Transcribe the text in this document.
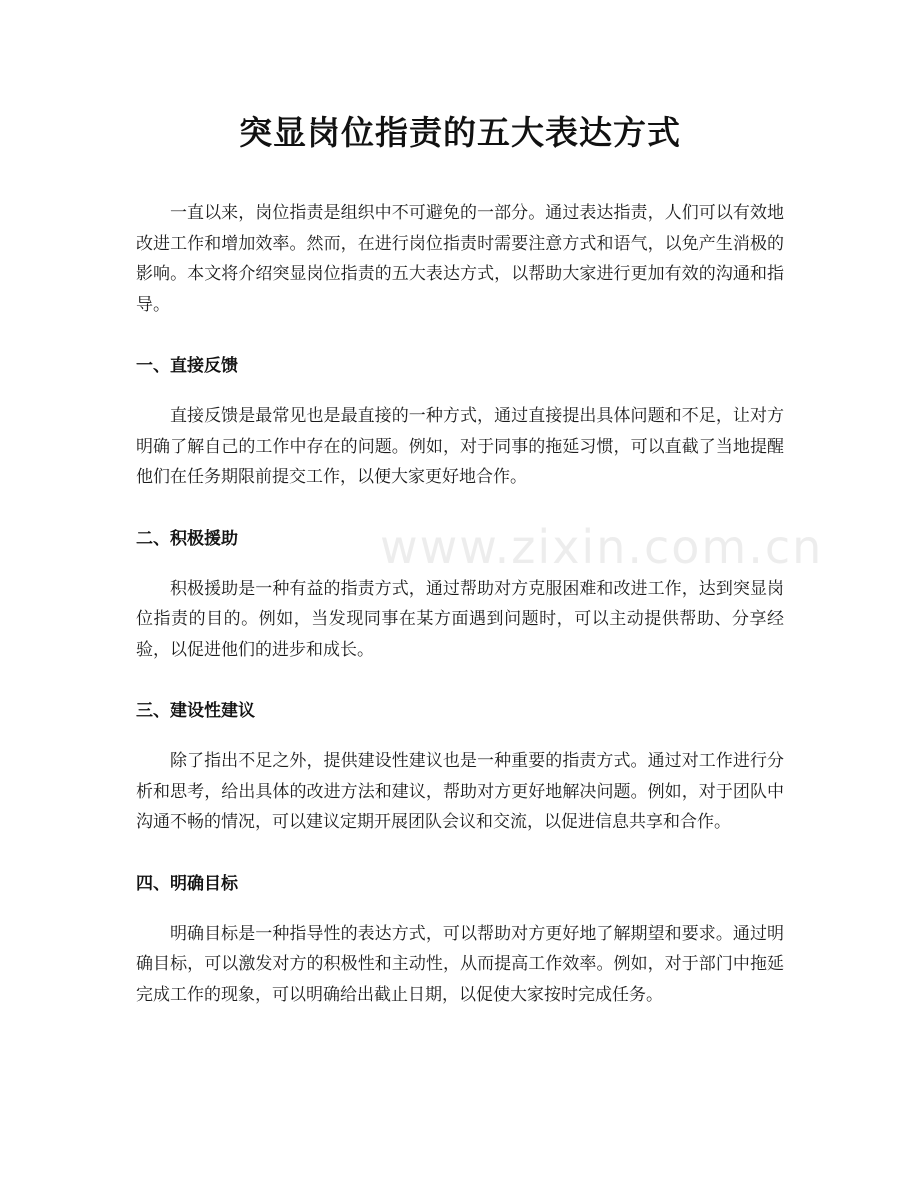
突显岗位指责的五大表达方式

一直以来，岗位指责是组织中不可避免的一部分。通过表达指责，人们可以有效地改进工作和增加效率。然而，在进行岗位指责时需要注意方式和语气，以免产生消极的影响。本文将介绍突显岗位指责的五大表达方式，以帮助大家进行更加有效的沟通和指导。

一、直接反馈

直接反馈是最常见也是最直接的一种方式，通过直接提出具体问题和不足，让对方明确了解自己的工作中存在的问题。例如，对于同事的拖延习惯，可以直截了当地提醒他们在任务期限前提交工作，以便大家更好地合作。

二、积极援助

积极援助是一种有益的指责方式，通过帮助对方克服困难和改进工作，达到突显岗位指责的目的。例如，当发现同事在某方面遇到问题时，可以主动提供帮助、分享经验，以促进他们的进步和成长。

三、建设性建议

除了指出不足之外，提供建设性建议也是一种重要的指责方式。通过对工作进行分析和思考，给出具体的改进方法和建议，帮助对方更好地解决问题。例如，对于团队中沟通不畅的情况，可以建议定期开展团队会议和交流，以促进信息共享和合作。

四、明确目标

明确目标是一种指导性的表达方式，可以帮助对方更好地了解期望和要求。通过明确目标，可以激发对方的积极性和主动性，从而提高工作效率。例如，对于部门中拖延完成工作的现象，可以明确给出截止日期，以促使大家按时完成任务。

www.zixin.com.cn
